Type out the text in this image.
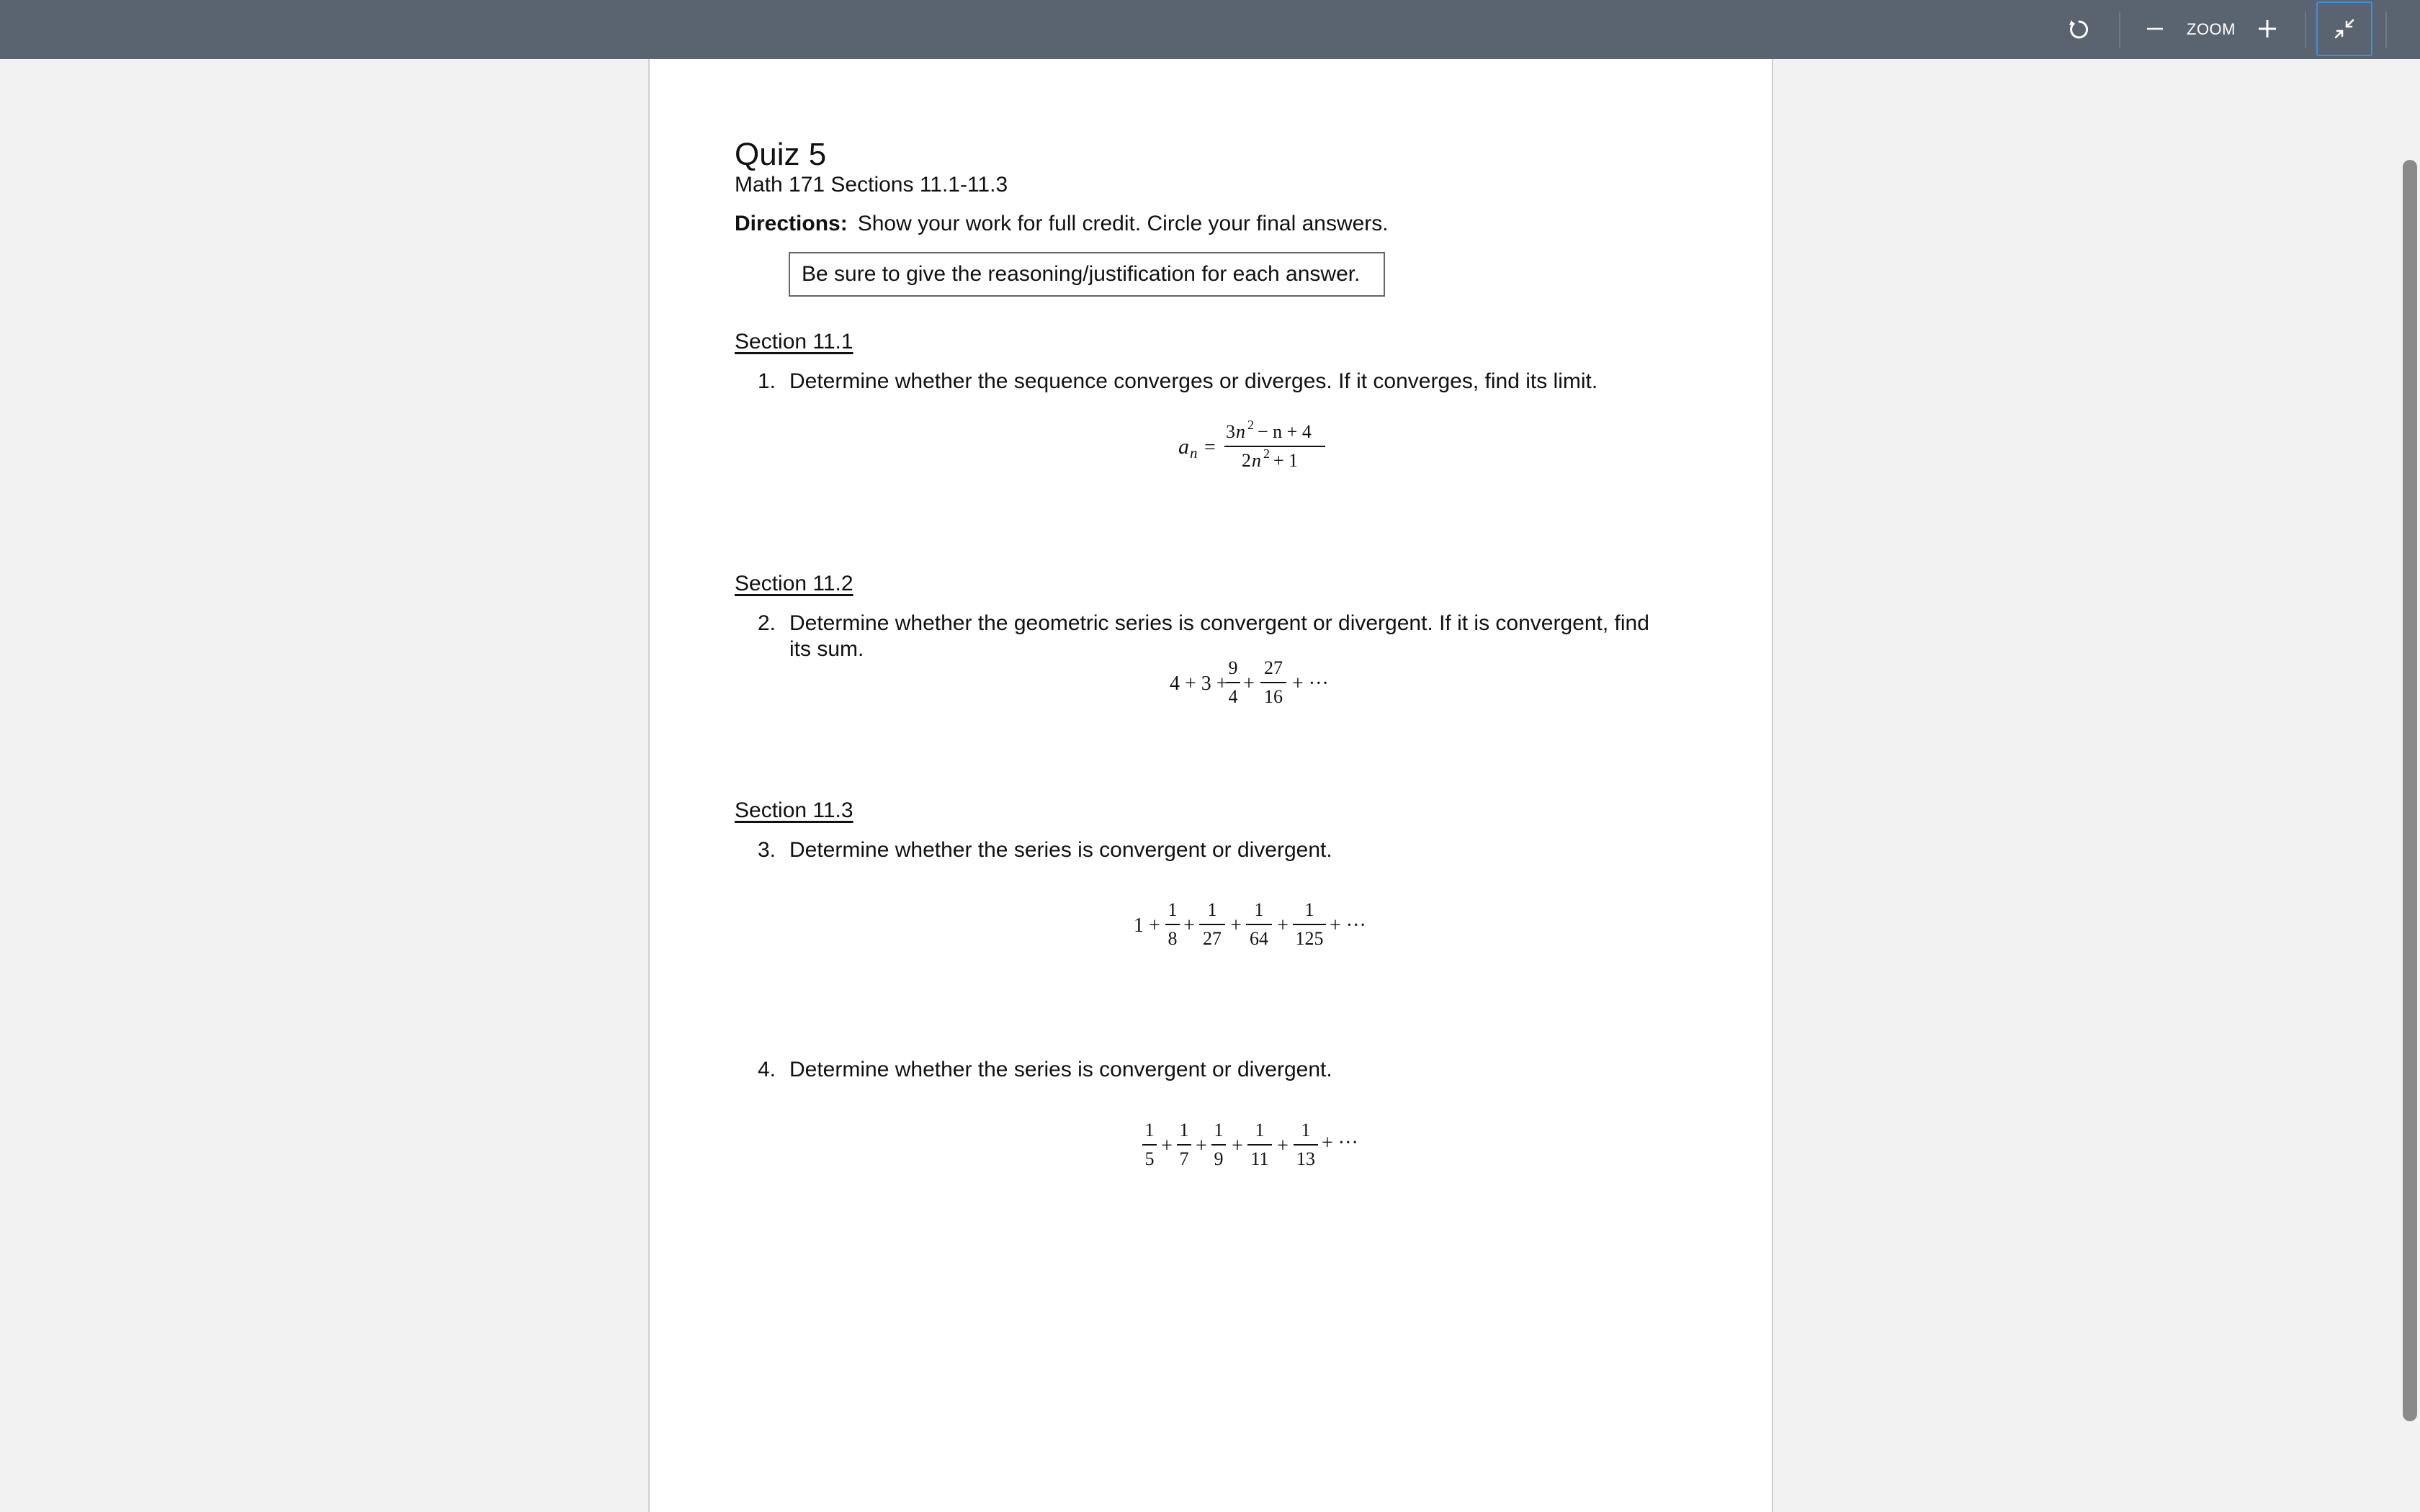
ZOOM
Quiz 5
Math 171 Sections 11.1-11.3
Directions: Show your work for full credit. Circle your final answers.
Be sure to give the reasoning/justification for each answer.
Section 11.1
1. Determine whether the sequence converges or diverges. If it converges, find its limit.
a n =
3 n 2 − n + 4
2 n 2 + 1
Section 11.2
2. Determine whether the geometric series is convergent or divergent. If it is convergent, find
its sum.
4 + 3 +
9
4
+
27
16
+ ···
Section 11.3
3. Determine whether the series is convergent or divergent.
1 +
1
8
+
1
27
+
1
64
+
1
125
+ ···
4. Determine whether the series is convergent or divergent.
1
5
+
1
7
+
1
9
+
1
11
+
1
13
+ ···
